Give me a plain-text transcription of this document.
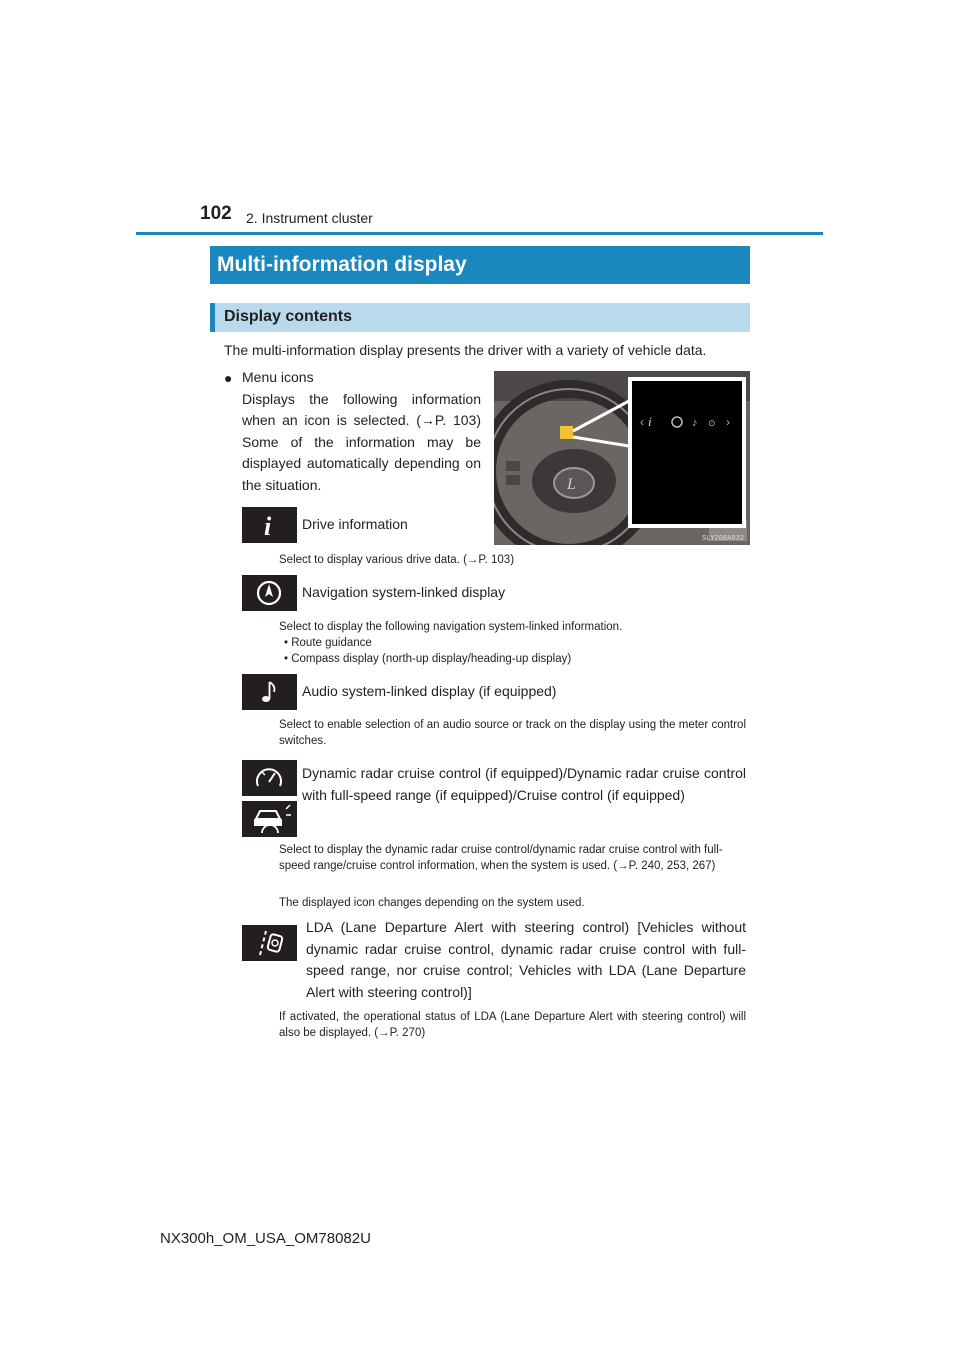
102 2. Instrument cluster
Multi-information display
Display contents
The multi-information display presents the driver with a variety of vehicle data.
● Menu icons
Displays the following information when an icon is selected. (→P. 103) Some of the information may be displayed automatically depending on the situation.	L
‹ i	♪ ⊙ ›
SLY20BA032
i Drive information
Select to display various drive data. (→P. 103)
Navigation system-linked display
Select to display the following navigation system-linked information.
• Route guidance
• Compass display (north-up display/heading-up display)
Audio system-linked display (if equipped)
Select to enable selection of an audio source or track on the display using the meter control switches.
Dynamic radar cruise control (if equipped)/Dynamic radar cruise control with full-speed range (if equipped)/Cruise control (if equipped)
Select to display the dynamic radar cruise control/dynamic radar cruise control with full-speed range/cruise control information, when the system is used. (→P. 240, 253, 267)
The displayed icon changes depending on the system used.
LDA (Lane Departure Alert with steering control) [Vehicles without dynamic radar cruise control, dynamic radar cruise control with full-speed range, nor cruise control; Vehicles with LDA (Lane Departure Alert with steering control)]
If activated, the operational status of LDA (Lane Departure Alert with steering control) will also be displayed. (→P. 270)
NX300h_OM_USA_OM78082U
